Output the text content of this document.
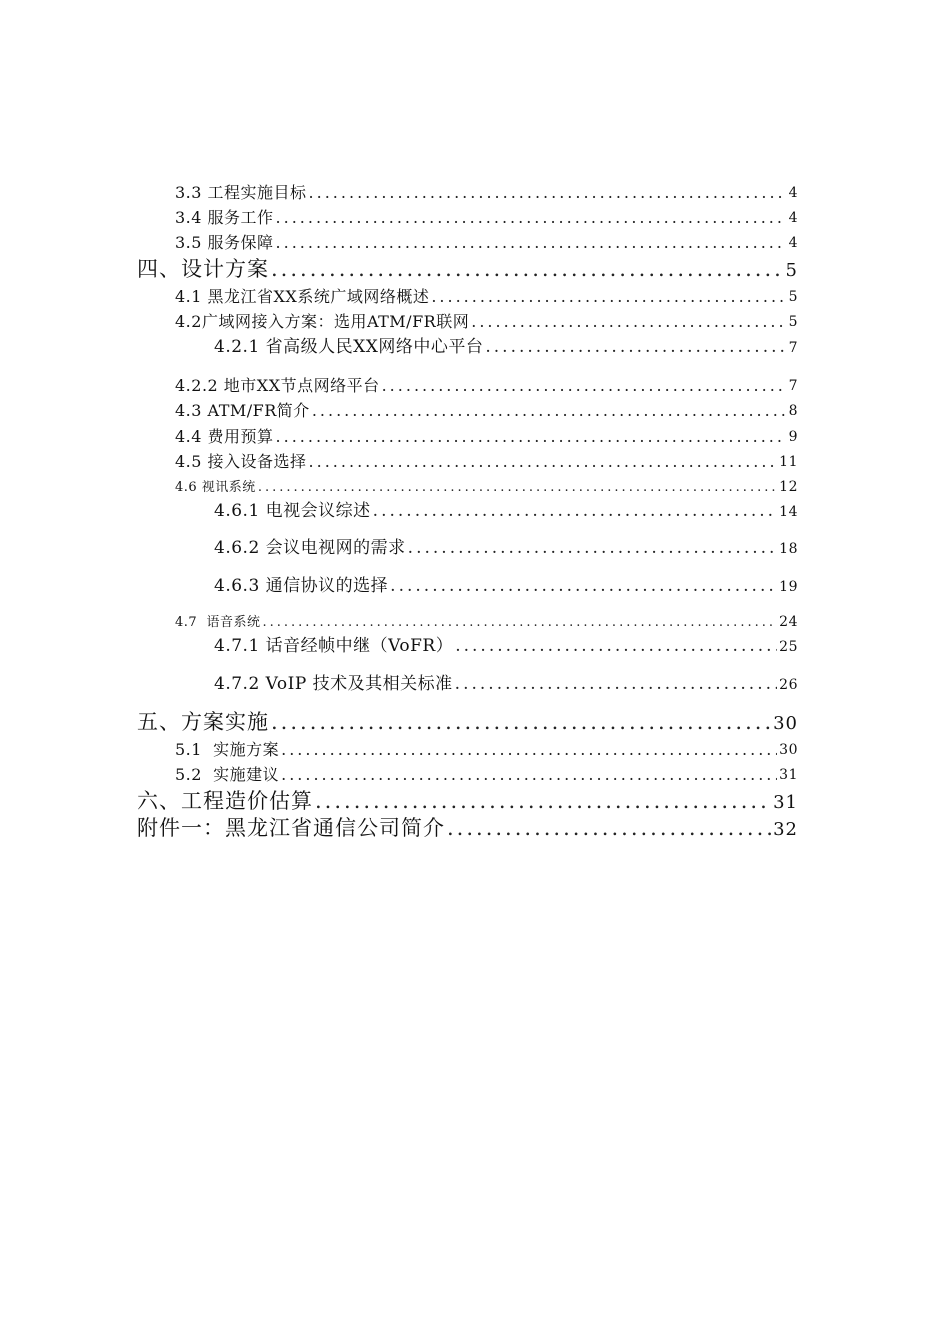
3.3 工程实施目标 .....	4
3.4 服务工作 .....	4
3.5 服务保障 .....	4
四、设计方案 .....	5
4.1 黑龙江省XX系统广域网络概述 .....	5
4.2广域网接入方案：选用ATM/FR联网 .....	5
4.2.1 省高级人民XX网络中心平台 .....	7
4.2.2 地市XX节点网络平台 .....	7
4.3 ATM/FR简介 .....	8
4.4 费用预算 .....	9
4.5 接入设备选择 .....	11
4.6 视讯系统 .....	12
4.6.1 电视会议综述 .....	14
4.6.2 会议电视网的需求 .....	18
4.6.3 通信协议的选择 .....	19
4.7  语音系统 .....	24
4.7.1 话音经帧中继（VoFR） .....	25
4.7.2 VoIP 技术及其相关标准 .....	26
五、方案实施 .....	30
5.1  实施方案 .....	30
5.2  实施建议 .....	31
六、工程造价估算 .....	31
附件一：黑龙江省通信公司简介 .....	32
